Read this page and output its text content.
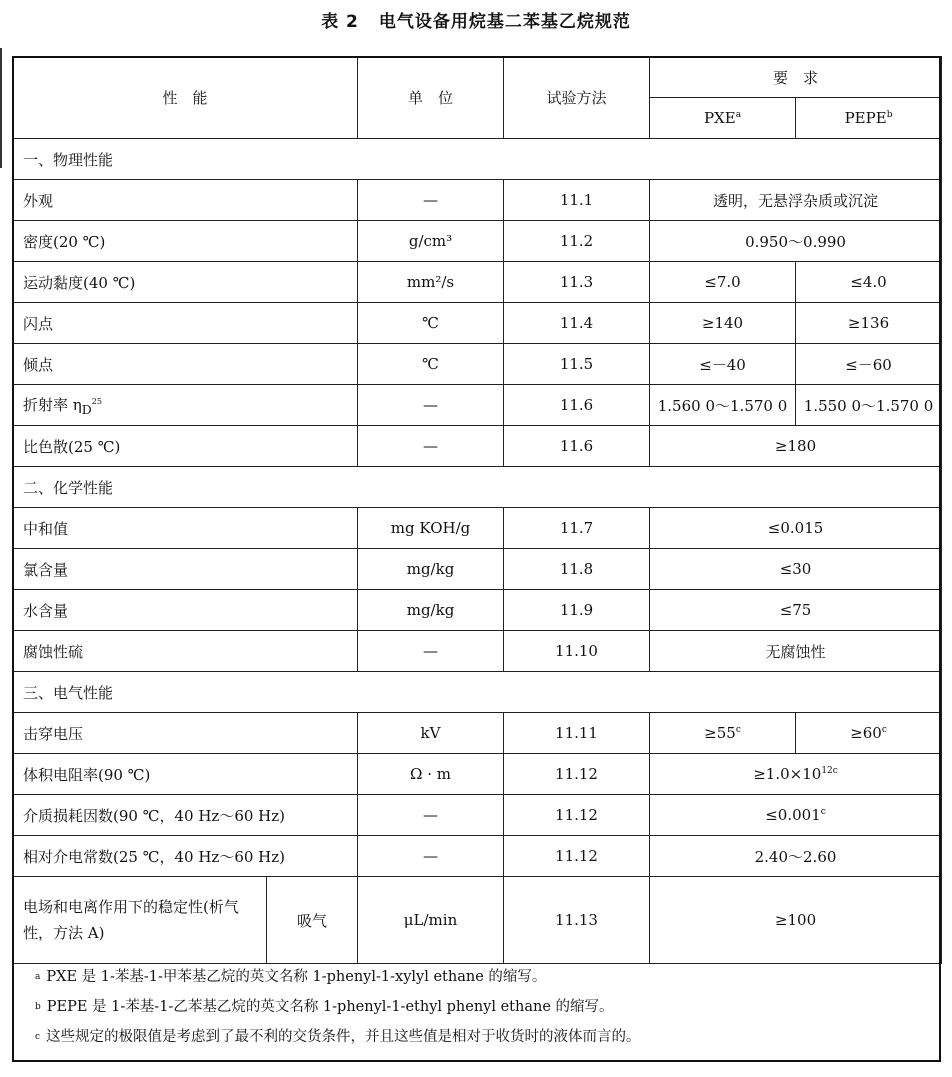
表 2 电气设备用烷基二苯基乙烷规范
性　能		单　位	试验方法	要　求	
				PXE$^a$	PEPE$^b$
一、物理性能					
外观		—	11.1	透明，无悬浮杂质或沉淀	
密度(20 ℃)		g/cm³	11.2	0.950～0.990	
运动黏度(40 ℃)		mm²/s	11.3	≤7.0	≤4.0
闪点		℃	11.4	≥140	≥136
倾点		℃	11.5	≤－40	≤－60
折射率 $\eta_D^{25}$		—	11.6	1.560 0～1.570 0	1.550 0～1.570 0
比色散(25 ℃)		—	11.6	≥180	
二、化学性能					
中和值		mg KOH/g	11.7	≤0.015	
氯含量		mg/kg	11.8	≤30	
水含量		mg/kg	11.9	≤75	
腐蚀性硫		—	11.10	无腐蚀性	
三、电气性能					
击穿电压		kV	11.11	$\ge 55^c$	$\ge 60^c$
体积电阻率(90 ℃)		Ω · m	11.12	$\ge 1.0\times 10^{12c}$
介质损耗因数(90 ℃，40 Hz～60 Hz)		—	11.12	≤0.001$^c$
相对介电常数(25 ℃，40 Hz～60 Hz)		—	11.12	2.40～2.60	
电场和电离作用下的稳定性(析气性，方法 A)	吸气	μL/min	11.13	≥100	
$^a$ PXE 是 1-苯基-1-甲苯基乙烷的英文名称 1-phenyl-1-xylyl ethane 的缩写。
$^b$ PEPE 是 1-苯基-1-乙苯基乙烷的英文名称 1-phenyl-1-ethyl phenyl ethane 的缩写。
$^c$ 这些规定的极限值是考虑到了最不利的交货条件，并且这些值是相对于收货时的液体而言的。
